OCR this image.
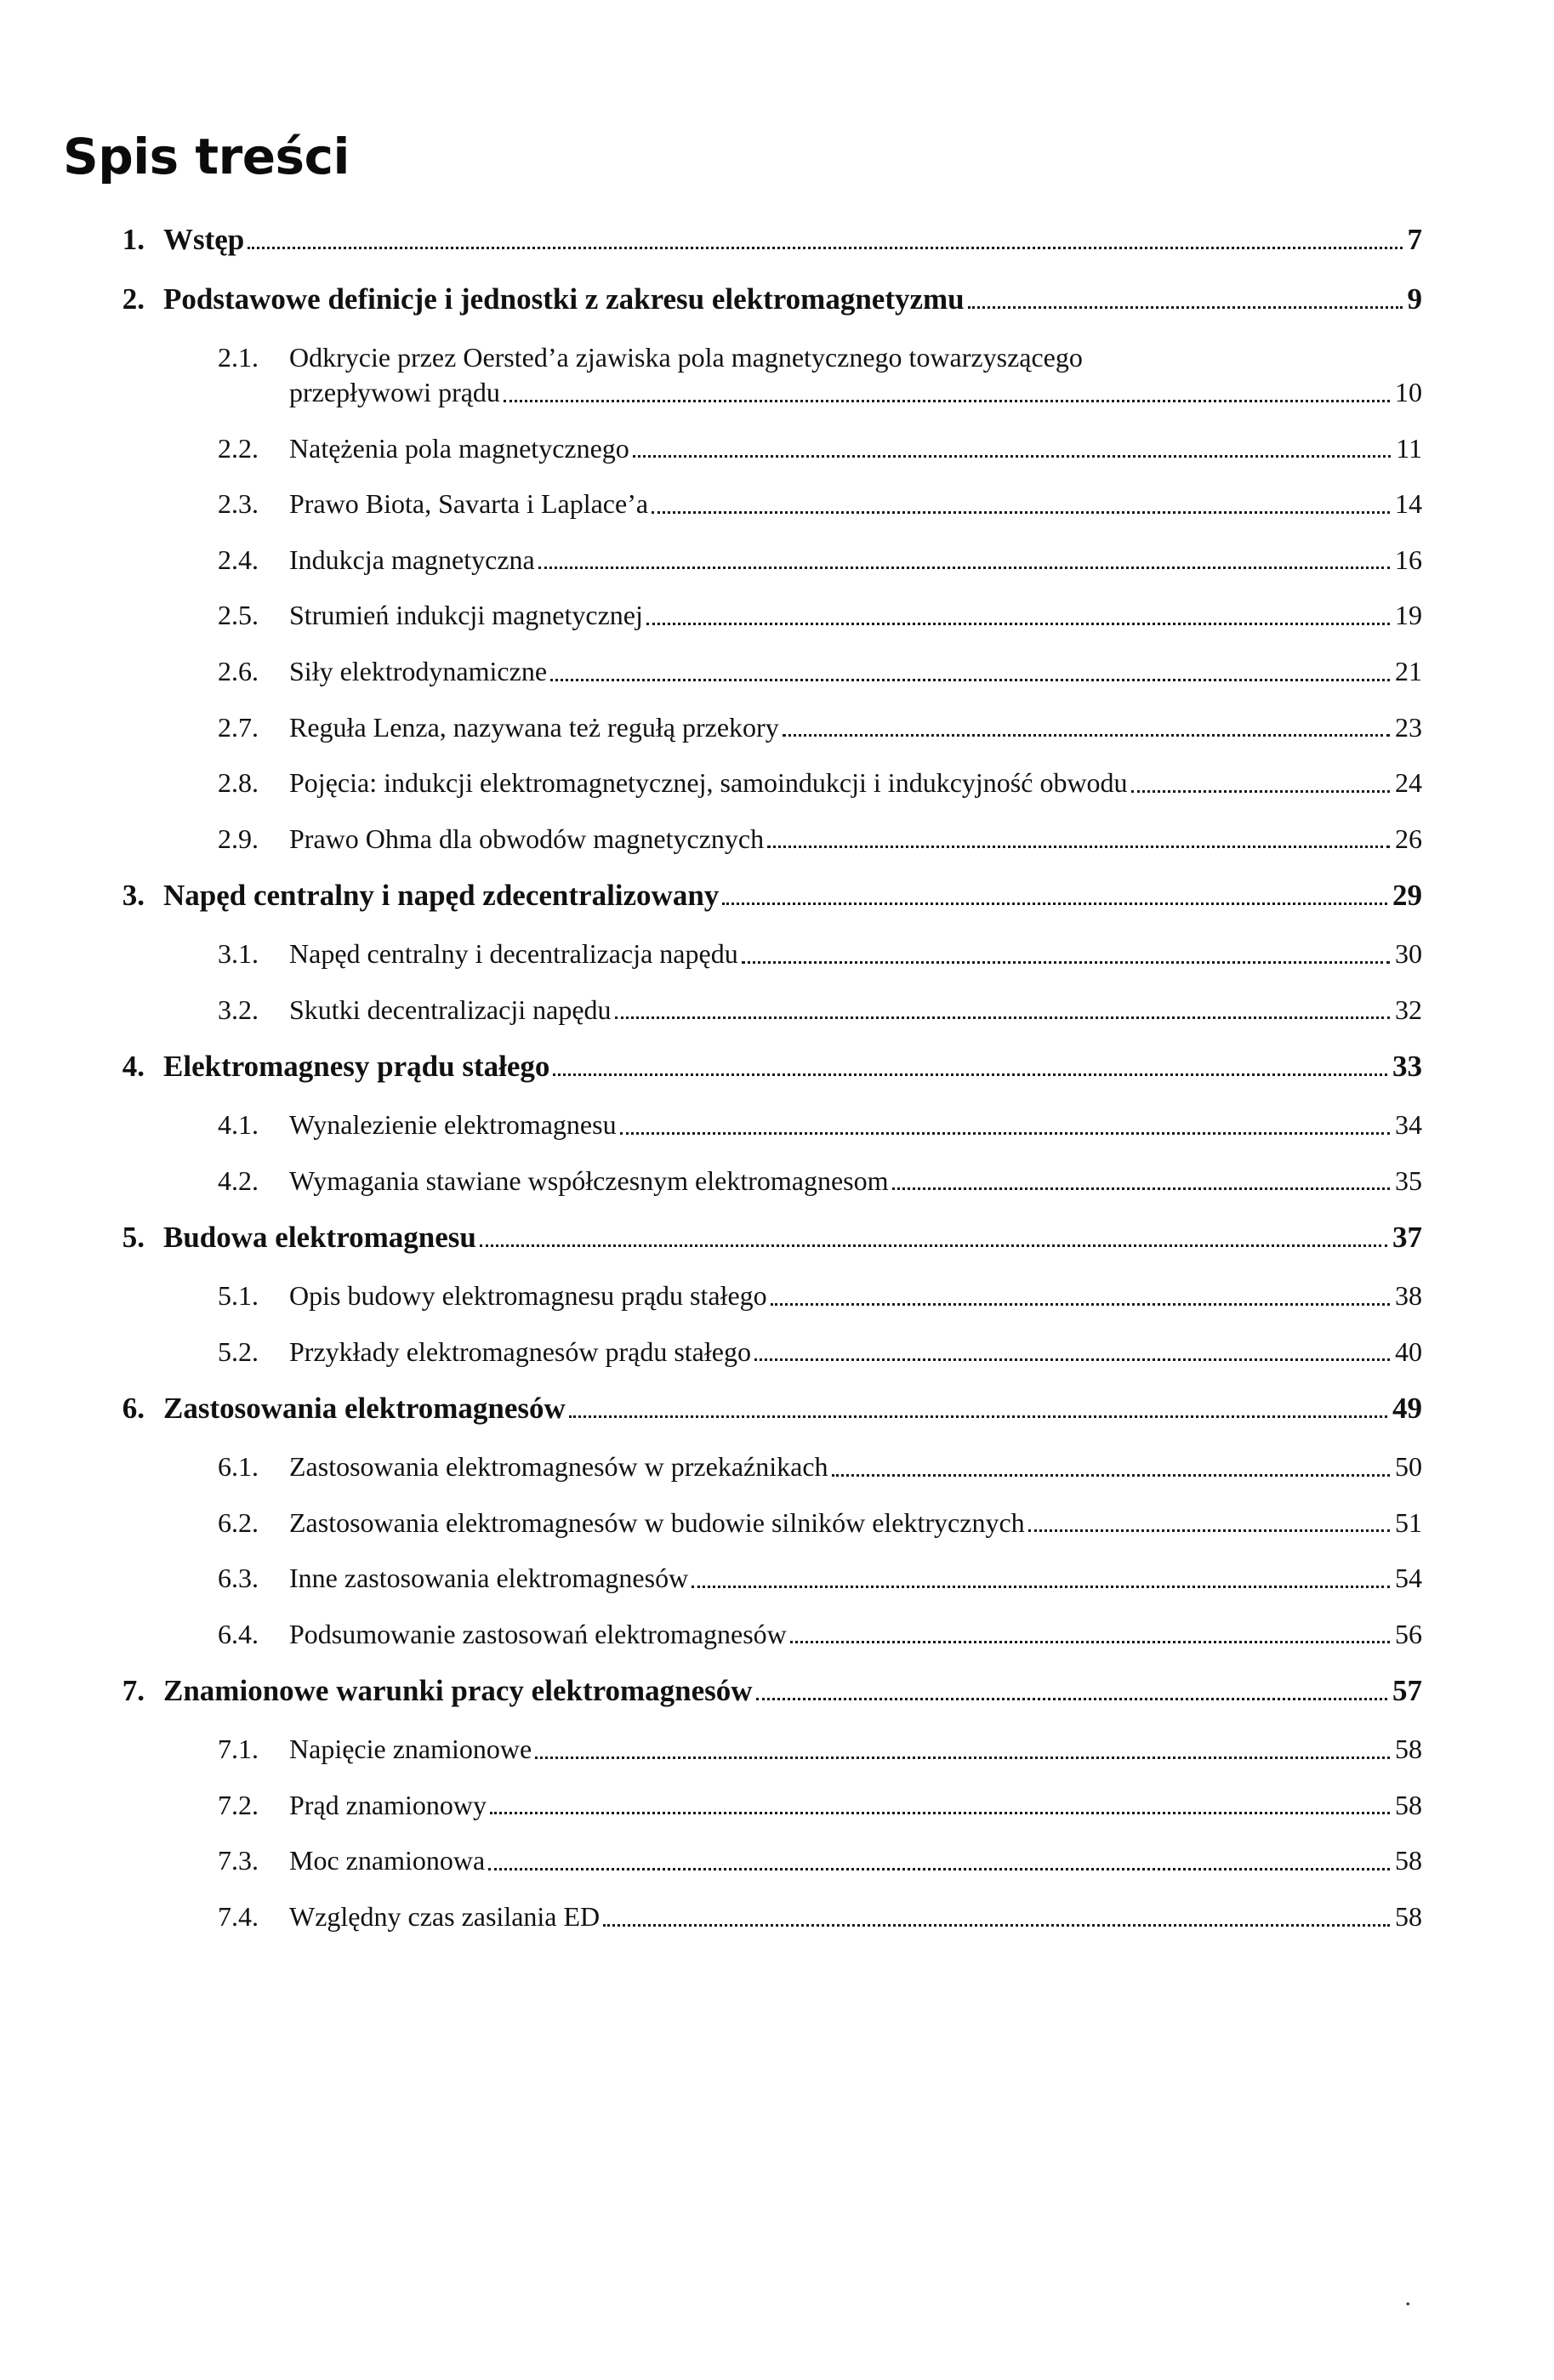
Spis treści
1. Wstęp	7
2. Podstawowe definicje i jednostki z zakresu elektromagnetyzmu	9
2.1.	Odkrycie przez Oersted’a zjawiska pola magnetycznego towarzyszącego
przepływowi prądu	10
2.2.	Natężenia pola magnetycznego	11
2.3.	Prawo Biota, Savarta i Laplace’a	14
2.4.	Indukcja magnetyczna	16
2.5.	Strumień indukcji magnetycznej	19
2.6.	Siły elektrodynamiczne	21
2.7.	Reguła Lenza, nazywana też regułą przekory	23
2.8.	Pojęcia: indukcji elektromagnetycznej, samoindukcji i indukcyjność obwodu	24
2.9.	Prawo Ohma dla obwodów magnetycznych	26
3. Napęd centralny i napęd zdecentralizowany	29
3.1.	Napęd centralny i decentralizacja napędu	30
3.2.	Skutki decentralizacji napędu	32
4. Elektromagnesy prądu stałego	33
4.1.	Wynalezienie elektromagnesu	34
4.2.	Wymagania stawiane współczesnym elektromagnesom	35
5. Budowa elektromagnesu	37
5.1.	Opis budowy elektromagnesu prądu stałego	38
5.2.	Przykłady elektromagnesów prądu stałego	40
6. Zastosowania elektromagnesów	49
6.1.	Zastosowania elektromagnesów w przekaźnikach	50
6.2.	Zastosowania elektromagnesów w budowie silników elektrycznych	51
6.3.	Inne zastosowania elektromagnesów	54
6.4.	Podsumowanie zastosowań elektromagnesów	56
7. Znamionowe warunki pracy elektromagnesów	57
7.1.	Napięcie znamionowe	58
7.2.	Prąd znamionowy	58
7.3.	Moc znamionowa	58
7.4.	Względny czas zasilania ED	58
.
